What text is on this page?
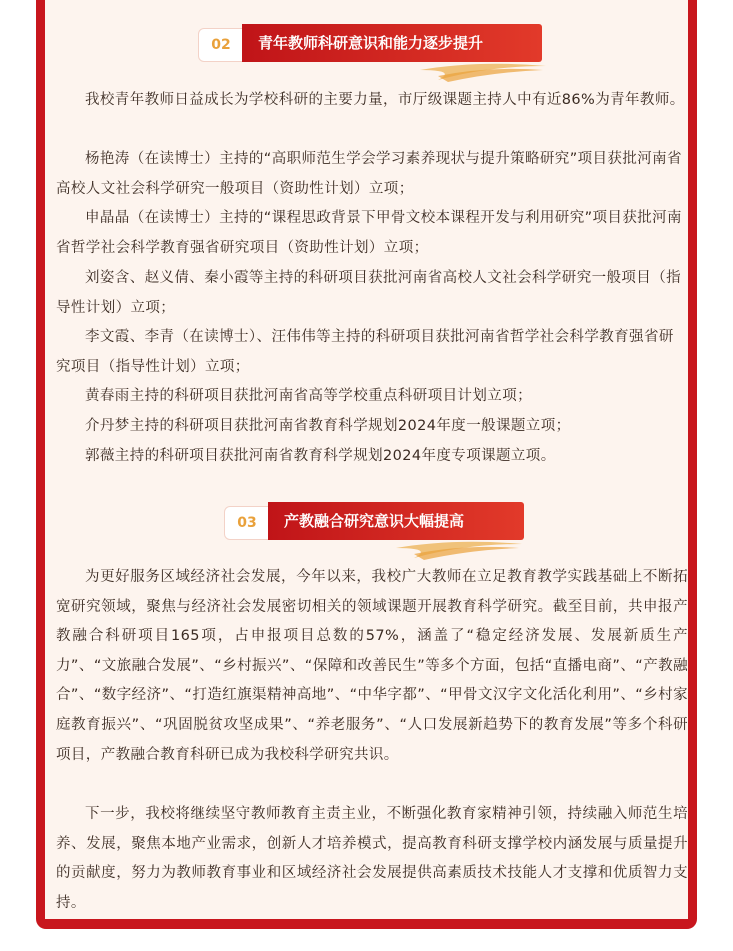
02	青年教师科研意识和能力逐步提升

我校青年教师日益成长为学校科研的主要力量，市厅级课题主持人中有近86%为青年教师。

杨艳涛（在读博士）主持的“高职师范生学会学习素养现状与提升策略研究”项目获批河南省高校人文社会科学研究一般项目（资助性计划）立项；

申晶晶（在读博士）主持的“课程思政背景下甲骨文校本课程开发与利用研究”项目获批河南省哲学社会科学教育强省研究项目（资助性计划）立项；

刘姿含、赵义倩、秦小霞等主持的科研项目获批河南省高校人文社会科学研究一般项目（指导性计划）立项；

李文霞、李青（在读博士）、汪伟伟等主持的科研项目获批河南省哲学社会科学教育强省研究项目（指导性计划）立项；

黄春雨主持的科研项目获批河南省高等学校重点科研项目计划立项；

介丹梦主持的科研项目获批河南省教育科学规划2024年度一般课题立项；

郭薇主持的科研项目获批河南省教育科学规划2024年度专项课题立项。

03	产教融合研究意识大幅提高

为更好服务区域经济社会发展，今年以来，我校广大教师在立足教育教学实践基础上不断拓宽研究领域，聚焦与经济社会发展密切相关的领域课题开展教育科学研究。截至目前，共申报产教融合科研项目165项，占申报项目总数的57%，涵盖了“稳定经济发展、发展新质生产力”、“文旅融合发展”、“乡村振兴”、“保障和改善民生”等多个方面，包括“直播电商”、“产教融合”、“数字经济”、“打造红旗渠精神高地”、“中华字都”、“甲骨文汉字文化活化利用”、“乡村家庭教育振兴”、“巩固脱贫攻坚成果”、“养老服务”、“人口发展新趋势下的教育发展”等多个科研项目，产教融合教育科研已成为我校科学研究共识。

下一步，我校将继续坚守教师教育主责主业，不断强化教育家精神引领，持续融入师范生培养、发展，聚焦本地产业需求，创新人才培养模式，提高教育科研支撑学校内涵发展与质量提升的贡献度，努力为教师教育事业和区域经济社会发展提供高素质技术技能人才支撑和优质智力支持。
